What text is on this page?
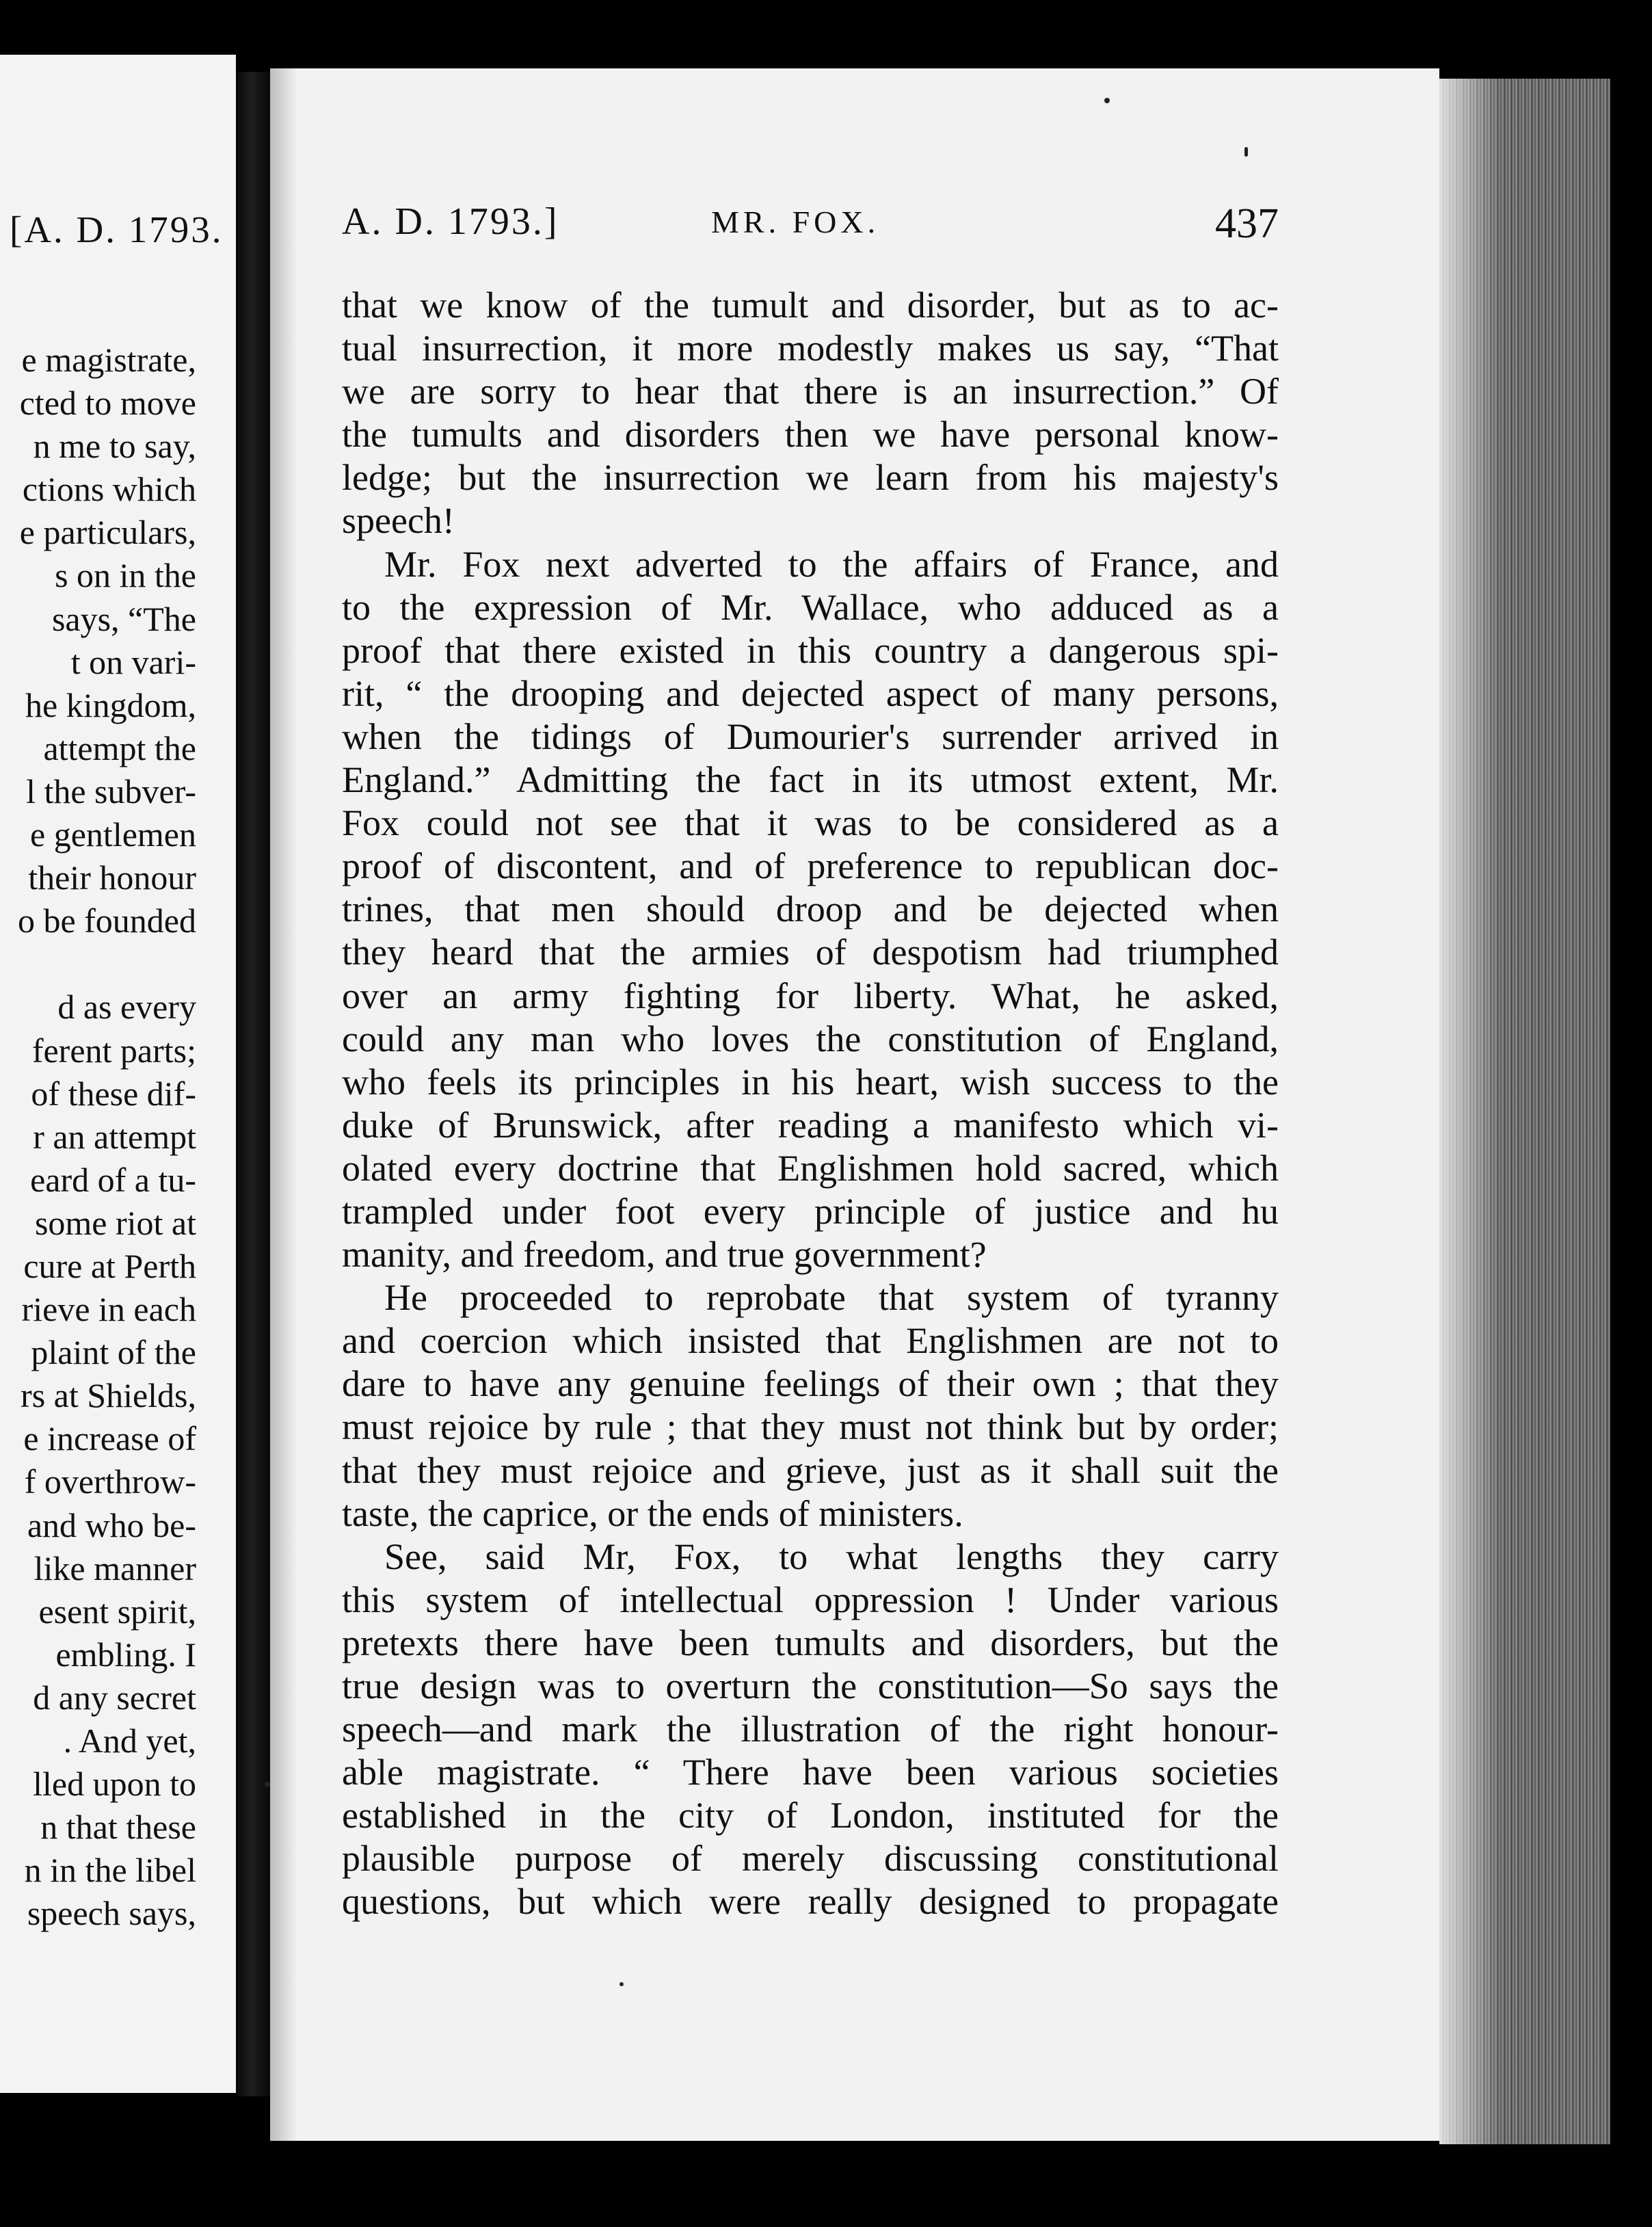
[A. D. 1793.
e magistrate,
cted to move
n me to say,
ctions which
e particulars,
s on in the
says, “The
t on vari-
he kingdom,
attempt the
l the subver-
e gentlemen
their honour
o be founded
d as every
ferent parts;
of these dif-
r an attempt
eard of a tu-
some riot at
cure at Perth
rieve in each
plaint of the
rs at Shields,
e increase of
f overthrow-
and who be-
like manner
esent spirit,
embling. I
d any secret
. And yet,
lled upon to
n that these
n in the libel
speech says,
A. D. 1793.]	MR. FOX.	437
that we know of the tumult and disorder, but as to ac-
tual insurrection, it more modestly makes us say, “That
we are sorry to hear that there is an insurrection.” Of
the tumults and disorders then we have personal know-
ledge; but the insurrection we learn from his majesty's
speech!
Mr. Fox next adverted to the affairs of France, and
to the expression of Mr. Wallace, who adduced as a
proof that there existed in this country a dangerous spi-
rit, “ the drooping and dejected aspect of many persons,
when the tidings of Dumourier's surrender arrived in
England.” Admitting the fact in its utmost extent, Mr.
Fox could not see that it was to be considered as a
proof of discontent, and of preference to republican doc-
trines, that men should droop and be dejected when
they heard that the armies of despotism had triumphed
over an army fighting for liberty. What, he asked,
could any man who loves the constitution of England,
who feels its principles in his heart, wish success to the
duke of Brunswick, after reading a manifesto which vi-
olated every doctrine that Englishmen hold sacred, which
trampled under foot every principle of justice and hu
manity, and freedom, and true government?
He proceeded to reprobate that system of tyranny
and coercion which insisted that Englishmen are not to
dare to have any genuine feelings of their own ; that they
must rejoice by rule ; that they must not think but by order;
that they must rejoice and grieve, just as it shall suit the
taste, the caprice, or the ends of ministers.
See, said Mr, Fox, to what lengths they carry
this system of intellectual oppression ! Under various
pretexts there have been tumults and disorders, but the
true design was to overturn the constitution—So says the
speech—and mark the illustration of the right honour-
able magistrate. “ There have been various societies
established in the city of London, instituted for the
plausible purpose of merely discussing constitutional
questions, but which were really designed to propagate
